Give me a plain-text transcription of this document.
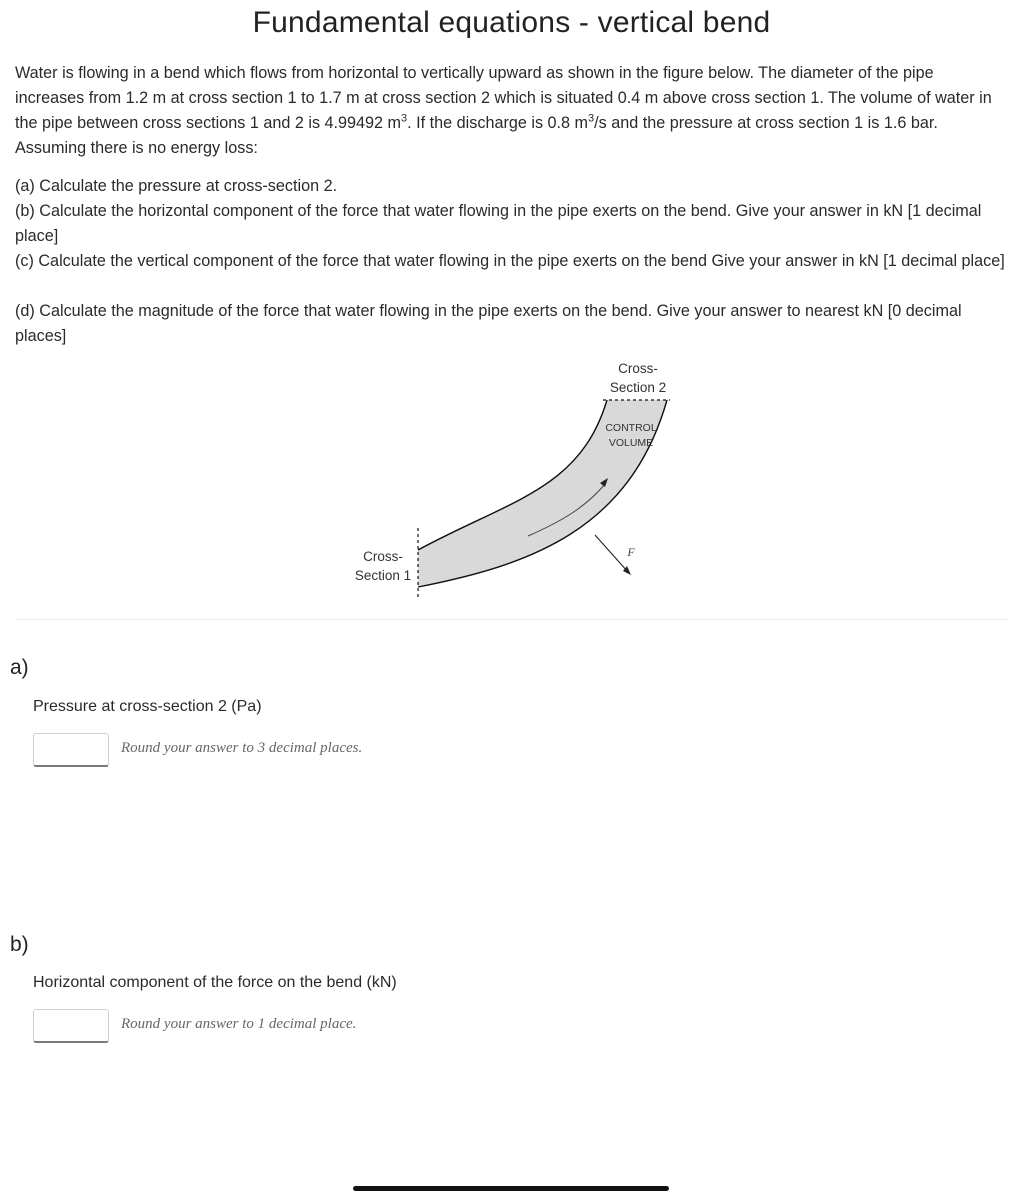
Fundamental equations - vertical bend
Water is flowing in a bend which flows from horizontal to vertically upward as shown in the figure below. The diameter of the pipe increases from 1.2 m at cross section 1 to 1.7 m at cross section 2 which is situated 0.4 m above cross section 1. The volume of water in the pipe between cross sections 1 and 2 is 4.99492 $m^3$. If the discharge is 0.8 $m^3/s$ and the pressure at cross section 1 is 1.6 bar. Assuming there is no energy loss:
(a) Calculate the pressure at cross-section 2.
(b) Calculate the horizontal component of the force that water flowing in the pipe exerts on the bend. Give your answer in kN [1 decimal place]
(c) Calculate the vertical component of the force that water flowing in the pipe exerts on the bend Give your answer in kN [1 decimal place]
(d) Calculate the magnitude of the force that water flowing in the pipe exerts on the bend. Give your answer to nearest kN [0 decimal places]
Cross-
Section 1
Cross-
Section 2
CONTROL
VOLUME
F
a)
Pressure at cross-section 2 (Pa)
Round your answer to 3 decimal places.
b)
Horizontal component of the force on the bend (kN)
Round your answer to 1 decimal place.
